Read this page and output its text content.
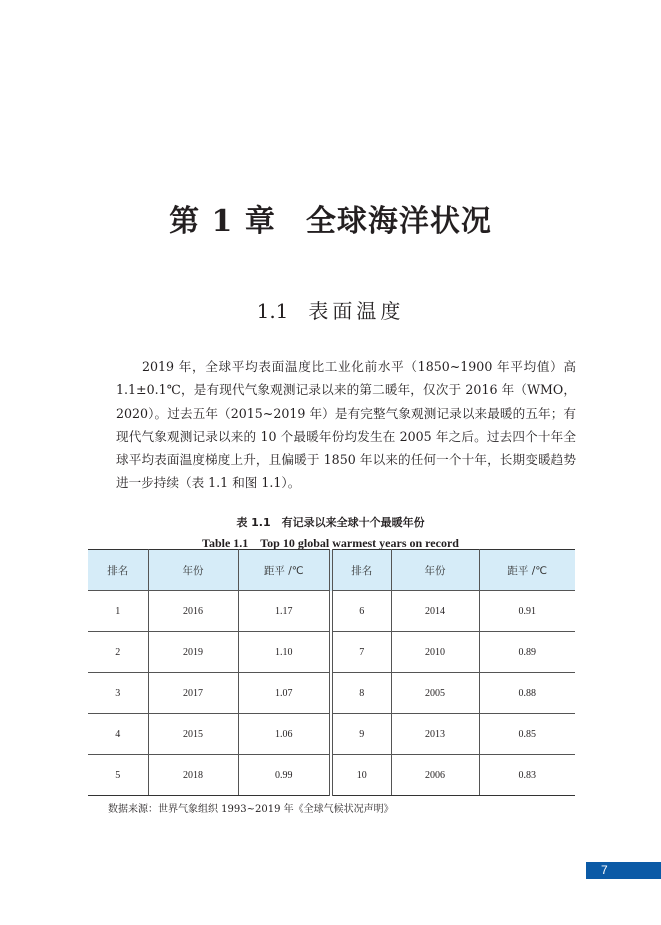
第 1 章 全球海洋状况
1.1 表面温度
2019 年，全球平均表面温度比工业化前水平（1850~1900 年平均值）高 1.1±0.1℃，是有现代气象观测记录以来的第二暖年，仅次于 2016 年（WMO，2020）。过去五年（2015~2019 年）是有完整气象观测记录以来最暖的五年；有现代气象观测记录以来的 10 个最暖年份均发生在 2005 年之后。过去四个十年全球平均表面温度梯度上升，且偏暖于 1850 年以来的任何一个十年，长期变暖趋势进一步持续（表 1.1 和图 1.1）。
表 1.1　有记录以来全球十个最暖年份
Table 1.1　Top 10 global warmest years on record
排名	年份	距平 /℃	排名	年份	距平 /℃
1	2016	1.17	6	2014	0.91
2	2019	1.10	7	2010	0.89
3	2017	1.07	8	2005	0.88
4	2015	1.06	9	2013	0.85
5	2018	0.99	10	2006	0.83
数据来源：世界气象组织 1993~2019 年《全球气候状况声明》
7
